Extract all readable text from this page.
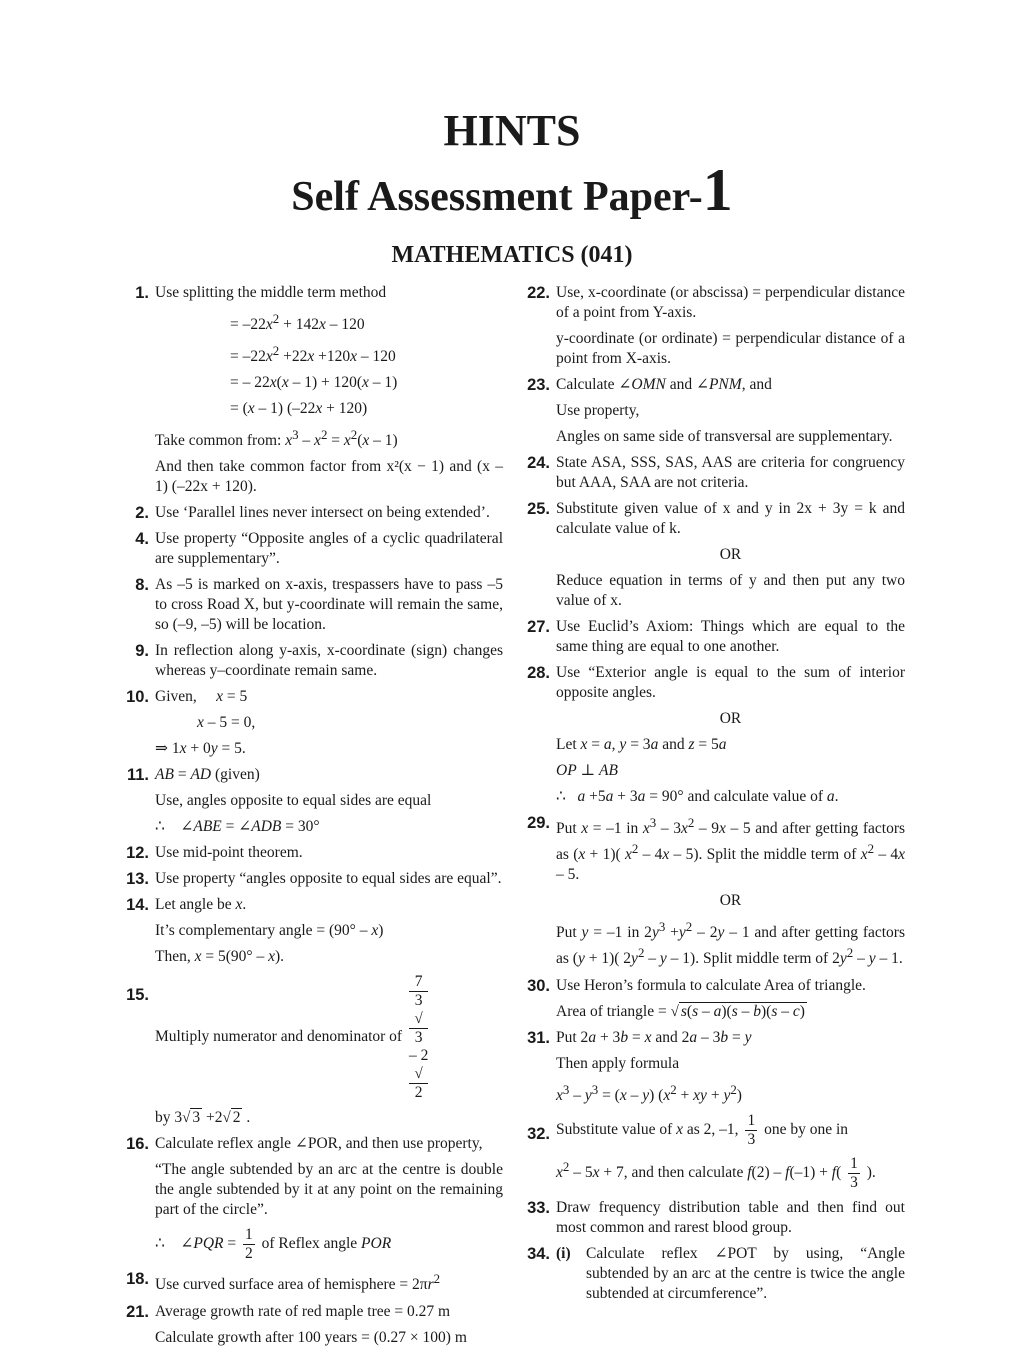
HINTS
Self Assessment Paper-1
MATHEMATICS (041)
1. Use splitting the middle term method
= $-22x^2 + 142x - 120$
= $-22x^2 +22x +120x - 120$
= – 22x(x – 1) + 120(x – 1)
= (x – 1) (–22x + 120)
Take common from: $x^3 - x^2 = x^2(x - 1)$
And then take common factor from x²(x − 1) and (x – 1) (–22x + 120).
2. Use ‘Parallel lines never intersect on being extended’.
4. Use property “Opposite angles of a cyclic quadrilateral are supplementary”.
8. As –5 is marked on x-axis, trespassers have to pass –5 to cross Road X, but y-coordinate will remain the same, so (–9, –5) will be location.
9. In reflection along y-axis, x-coordinate (sign) changes whereas y–coordinate remain same.
10. Given,     x = 5
x – 5 = 0,
⇒ 1x + 0y = 5.
11. AB = AD (given)
Use, angles opposite to equal sides are equal
∴    ∠ABE = ∠ADB = 30°
12. Use mid-point theorem.
13. Use property “angles opposite to equal sides are equal”.
14. Let angle be x.
It’s complementary angle = (90° – x)
Then, x = 5(90° – x).
15.
Multiply numerator and denominator of 7
3
√
3
– 2
√
2
by 3√ 3 +2√ 2 .
16. Calculate reflex angle ∠POR, and then use property,
“The angle subtended by an arc at the centre is double the angle subtended by it at any point on the remaining part of the circle”.
∴    ∠PQR = $\frac{1}{2}$ of Reflex angle POR
18. Use curved surface area of hemisphere = $2\pi r^2$
21. Average growth rate of red maple tree = 0.27 m
Calculate growth after 100 years = (0.27 × 100) m
22. Use, x-coordinate (or abscissa) = perpendicular distance of a point from Y-axis.
y-coordinate (or ordinate) = perpendicular distance of a point from X-axis.
23. Calculate ∠OMN and ∠PNM, and
Use property,
Angles on same side of transversal are supplementary.
24. State ASA, SSS, SAS, AAS are criteria for congruency but AAA, SAA are not criteria.
25. Substitute given value of x and y in 2x + 3y = k and calculate value of k.
OR
Reduce equation in terms of y and then put any two value of x.
27. Use Euclid’s Axiom: Things which are equal to the same thing are equal to one another.
28. Use “Exterior angle is equal to the sum of interior opposite angles.
OR
Let x = a, y = 3a and z = 5a
OP ⊥ AB
∴   a +5a + 3a = 90° and calculate value of a.
29. Put x = –1 in $x^3 - 3x^2 - 9x - 5$ and after getting factors as (x + 1)( $x^2 - 4x - 5$). Split the middle term of $x^2 - 4x - 5$.
OR
Put y = –1 in $2y^3 +y^2 - 2y - 1$ and after getting factors as (y + 1)( $2y^2$ – y – 1). Split middle term of $2y^2$ – y – 1.
30. Use Heron’s formula to calculate Area of triangle.
Area of triangle = √ s(s – a)(s – b)(s – c)
31. Put 2a + 3b = x and 2a – 3b = y
Then apply formula
$x^3 - y^3 = (x - y) (x^2$ + xy + $y^2$)
32. Substitute value of x as 2, –1, $\frac{1}{3}$ one by one in
$x^2 - 5x + 7$, and then calculate $f(2) - f(-1) + f( \frac{1}{3}$ ).
33. Draw frequency distribution table and then find out most common and rarest blood group.
34. (i) Calculate reflex ∠POT by using, “Angle subtended by an arc at the centre is twice the angle subtended at circumference”.
